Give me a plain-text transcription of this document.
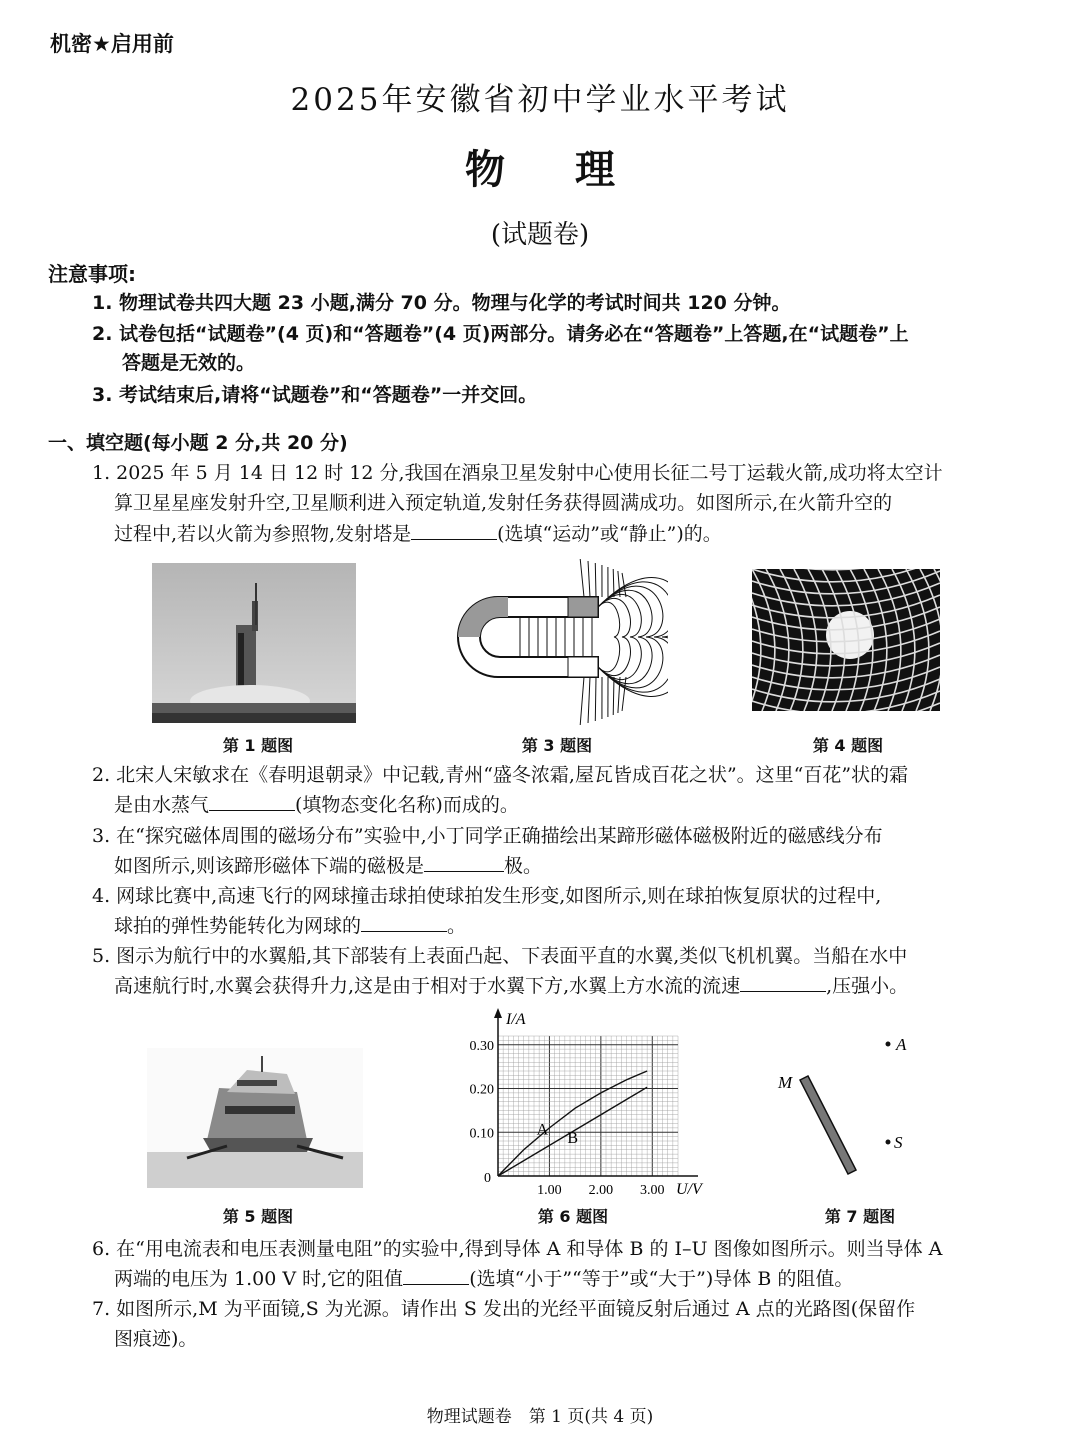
机密★启用前
2025年安徽省初中学业水平考试
物理
(试题卷)
注意事项:
1. 物理试卷共四大题 23 小题,满分 70 分。物理与化学的考试时间共 120 分钟。
2. 试卷包括“试题卷”(4 页)和“答题卷”(4 页)两部分。请务必在“答题卷”上答题,在“试题卷”上
答题是无效的。
3. 考试结束后,请将“试题卷”和“答题卷”一并交回。
一、填空题(每小题 2 分,共 20 分)
1. 2025 年 5 月 14 日 12 时 12 分,我国在酒泉卫星发射中心使用长征二号丁运载火箭,成功将太空计
算卫星星座发射升空,卫星顺利进入预定轨道,发射任务获得圆满成功。如图所示,在火箭升空的
过程中,若以火箭为参照物,发射塔是	(选填“运动”或“静止”)的。
第 1 题图	第 3 题图	第 4 题图
2. 北宋人宋敏求在《春明退朝录》中记载,青州“盛冬浓霜,屋瓦皆成百花之状”。这里“百花”状的霜
是由水蒸气	(填物态变化名称)而成的。
3. 在“探究磁体周围的磁场分布”实验中,小丁同学正确描绘出某蹄形磁体磁极附近的磁感线分布
如图所示,则该蹄形磁体下端的磁极是	极。
4. 网球比赛中,高速飞行的网球撞击球拍使球拍发生形变,如图所示,则在球拍恢复原状的过程中,
球拍的弹性势能转化为网球的	。
5. 图示为航行中的水翼船,其下部装有上表面凸起、下表面平直的水翼,类似飞机机翼。当船在水中
高速航行时,水翼会获得升力,这是由于相对于水翼下方,水翼上方水流的流速	,压强小。
I/A
U/V
0
1.00 2.00 3.00
0.10
0.20
0.30
A
B
A
M
S
第 5 题图	第 6 题图	第 7 题图
6. 在“用电流表和电压表测量电阻”的实验中,得到导体 A 和导体 B 的 I–U 图像如图所示。则当导体 A
两端的电压为 1.00 V 时,它的阻值	(选填“小于”“等于”或“大于”)导体 B 的阻值。
7. 如图所示,M 为平面镜,S 为光源。请作出 S 发出的光经平面镜反射后通过 A 点的光路图(保留作
图痕迹)。
物理试题卷　第 1 页(共 4 页)
